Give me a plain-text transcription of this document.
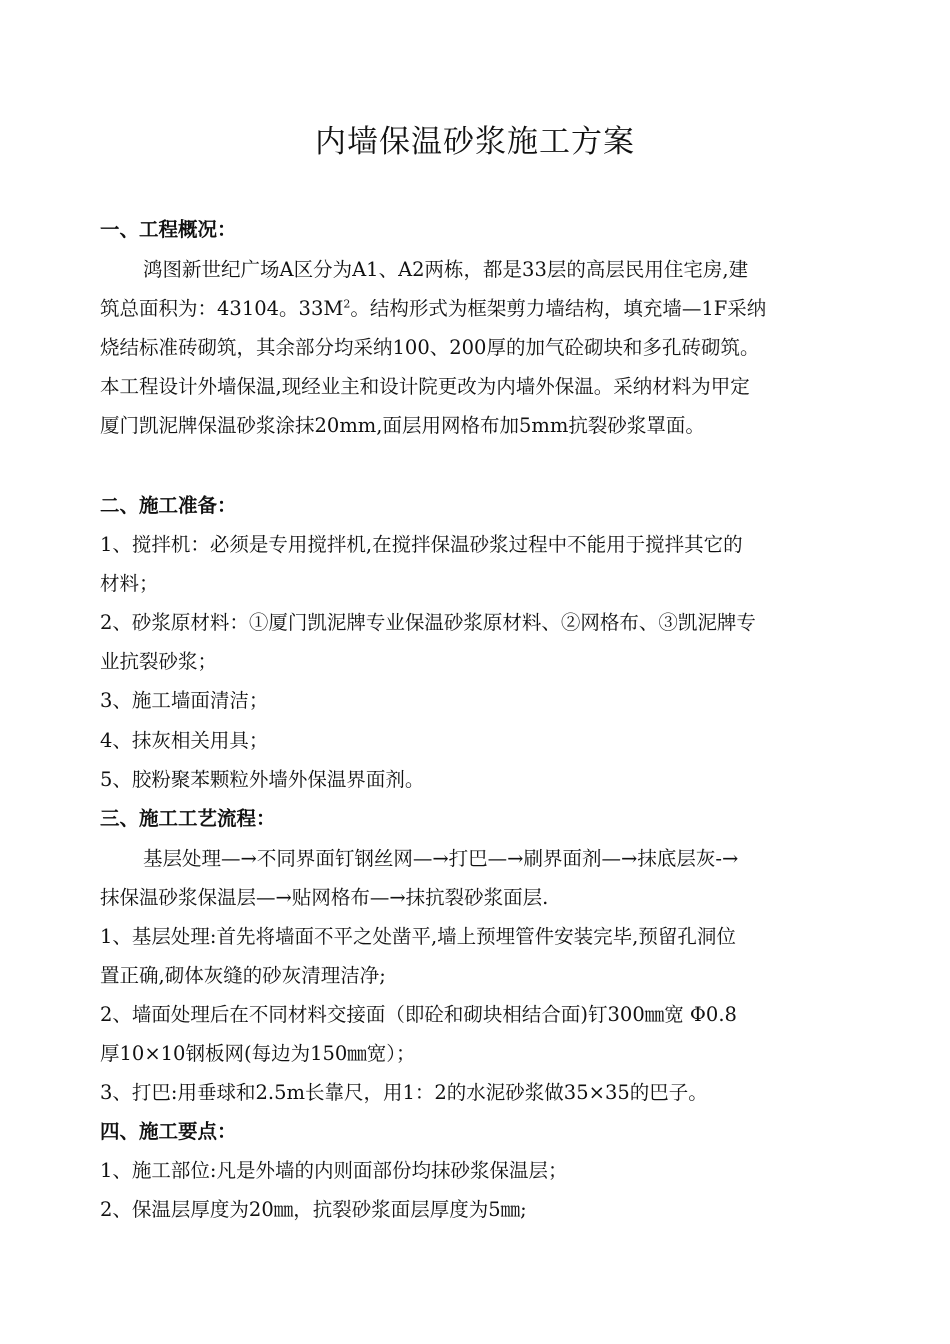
内墙保温砂浆施工方案
一、工程概况：
鸿图新世纪广场A区分为A1、A2两栋，都是33层的高层民用住宅房,建
筑总面积为：43104。$33M^2$。结构形式为框架剪力墙结构，填充墙—1F采纳
烧结标准砖砌筑，其余部分均采纳100、200厚的加气砼砌块和多孔砖砌筑。
本工程设计外墙保温,现经业主和设计院更改为内墙外保温。采纳材料为甲定
厦门凯泥牌保温砂浆涂抹20mm,面层用网格布加5mm抗裂砂浆罩面。
二、施工准备：
1、搅拌机：必须是专用搅拌机,在搅拌保温砂浆过程中不能用于搅拌其它的
材料；
2、砂浆原材料：①厦门凯泥牌专业保温砂浆原材料、②网格布、③凯泥牌专
业抗裂砂浆；
3、施工墙面清洁；
4、抹灰相关用具；
5、胶粉聚苯颗粒外墙外保温界面剂。
三、施工工艺流程：
基层处理—→不同界面钉钢丝网—→打巴—→刷界面剂—→抹底层灰-→
抹保温砂浆保温层—→贴网格布—→抹抗裂砂浆面层.
1、基层处理:首先将墙面不平之处凿平,墙上预埋管件安装完毕,预留孔洞位
置正确,砌体灰缝的砂灰清理洁净;
2、墙面处理后在不同材料交接面（即砼和砌块相结合面)钉300㎜宽 Φ0.8
厚10×10钢板网(每边为150㎜宽）；
3、打巴:用垂球和2.5m长靠尺，用1：2的水泥砂浆做35×35的巴子。
四、施工要点：
1、施工部位:凡是外墙的内则面部份均抹砂浆保温层；
2、保温层厚度为20㎜，抗裂砂浆面层厚度为5㎜;
